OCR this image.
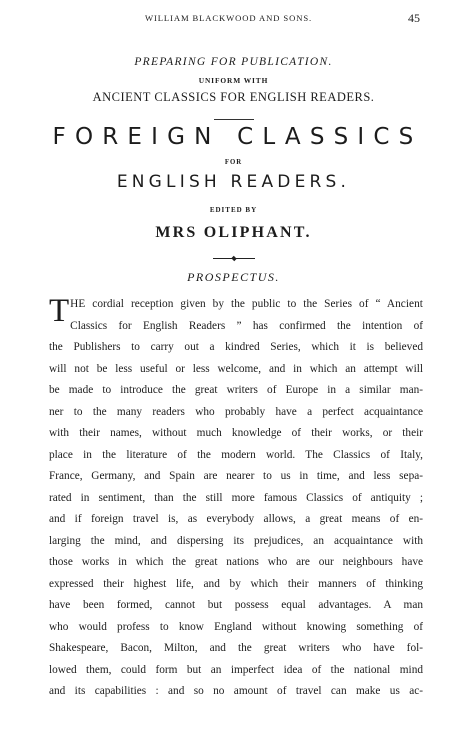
WILLIAM BLACKWOOD AND SONS.	45
PREPARING FOR PUBLICATION.
UNIFORM WITH
ANCIENT CLASSICS FOR ENGLISH READERS.
FOREIGN CLASSICS
FOR
ENGLISH READERS.
EDITED BY
MRS OLIPHANT.
PROSPECTUS.
T HE cordial reception given by the public to the Series of “ Ancient
Classics for English Readers ” has confirmed the intention of
the Publishers to carry out a kindred Series, which it is believed
will not be less useful or less welcome, and in which an attempt will
be made to introduce the great writers of Europe in a similar man-
ner to the many readers who probably have a perfect acquaintance
with their names, without much knowledge of their works, or their
place in the literature of the modern world. The Classics of Italy,
France, Germany, and Spain are nearer to us in time, and less sepa-
rated in sentiment, than the still more famous Classics of antiquity ;
and if foreign travel is, as everybody allows, a great means of en-
larging the mind, and dispersing its prejudices, an acquaintance with
those works in which the great nations who are our neighbours have
expressed their highest life, and by which their manners of thinking
have been formed, cannot but possess equal advantages. A man
who would profess to know England without knowing something of
Shakespeare, Bacon, Milton, and the great writers who have fol-
lowed them, could form but an imperfect idea of the national mind
and its capabilities : and so no amount of travel can make us ac-
